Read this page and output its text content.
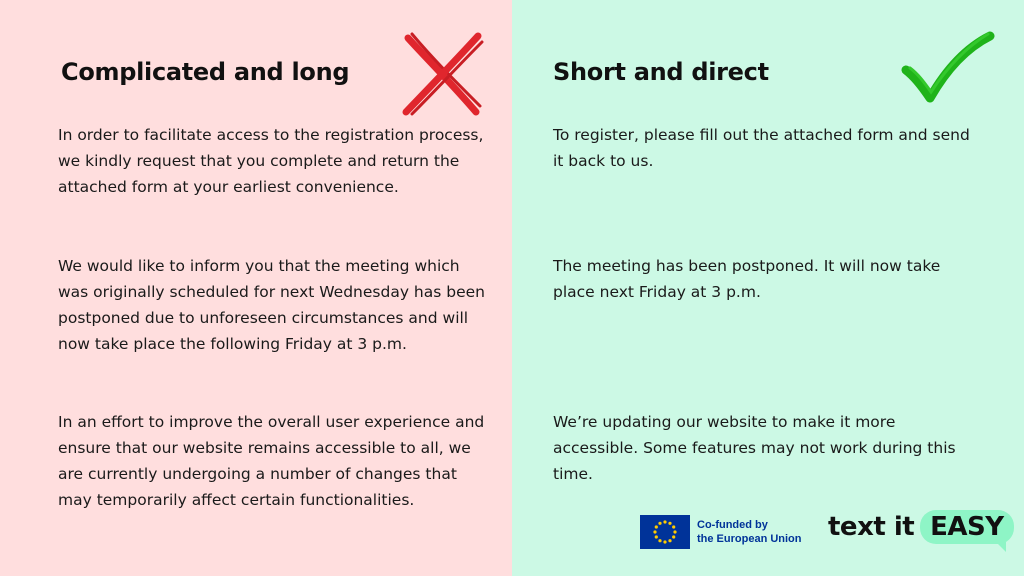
Complicated and long

In order to facilitate access to the registration process, we kindly request that you complete and return the attached form at your earliest convenience.

We would like to inform you that the meeting which was originally scheduled for next Wednesday has been postponed due to unforeseen circumstances and will now take place the following Friday at 3 p.m.

In an effort to improve the overall user experience and ensure that our website remains accessible to all, we are currently undergoing a number of changes that may temporarily affect certain functionalities.

Short and direct

To register, please fill out the attached form and send it back to us.

The meeting has been postponed. It will now take place next Friday at 3 p.m.

We’re updating our website to make it more accessible. Some features may not work during this time.

Co-funded by
the European Union text it EASY
